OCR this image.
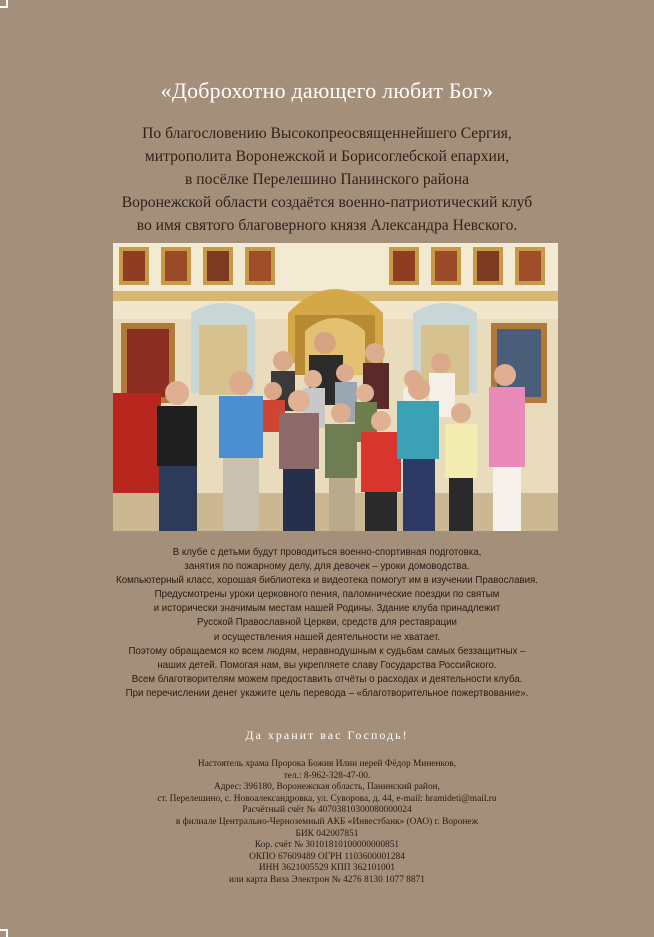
«Доброхотно дающего любит Бог»
По благословению Высокопреосвященнейшего Сергия,
митрополита Воронежской и Борисоглебской епархии,
в посёлке Перелешино Панинского района
Воронежской области создаётся военно-патриотический клуб
во имя святого благоверного князя Александра Невского.
В клубе с детьми будут проводиться военно-спортивная подготовка,
занятия по пожарному делу, для девочек – уроки домоводства.
Компьютерный класс, хорошая библиотека и видеотека помогут им в изучении Православия.
Предусмотрены уроки церковного пения, паломнические поездки по святым
и исторически значимым местам нашей Родины. Здание клуба принадлежит
Русской Православной Церкви, средств для реставрации
и осуществления нашей деятельности не хватает.
Поэтому обращаемся ко всем людям, неравнодушным к судьбам самых беззащитных –
наших детей. Помогая нам, вы укрепляете славу Государства Российского.
Всем благотворителям можем предоставить отчёты о расходах и деятельности клуба.
При перечислении денег укажите цель перевода – «благотворительное пожертвование».
Да хранит вас Господь!
Настоятель храма Пророка Божия Илии иерей Фёдор Миненков,
тел.: 8-962-328-47-00.
Адрес: 396180, Воронежская область, Панинский район,
ст. Перелешино, с. Новоалександровка, ул. Суворова, д. 44, e-mail: hramideti@mail.ru
Расчётный счёт № 40703810300080000024
в филиале Центрально-Черноземный АКБ «Инвестбанк» (ОАО) г. Воронеж
БИК 042007851
Кор. счёт № 30101810100000000851
ОКПО 67609489 ОГРН 1103600001284
ИНН 3621005529 КПП 362101001
или карта Виза Электрон № 4276 8130 1077 8871
